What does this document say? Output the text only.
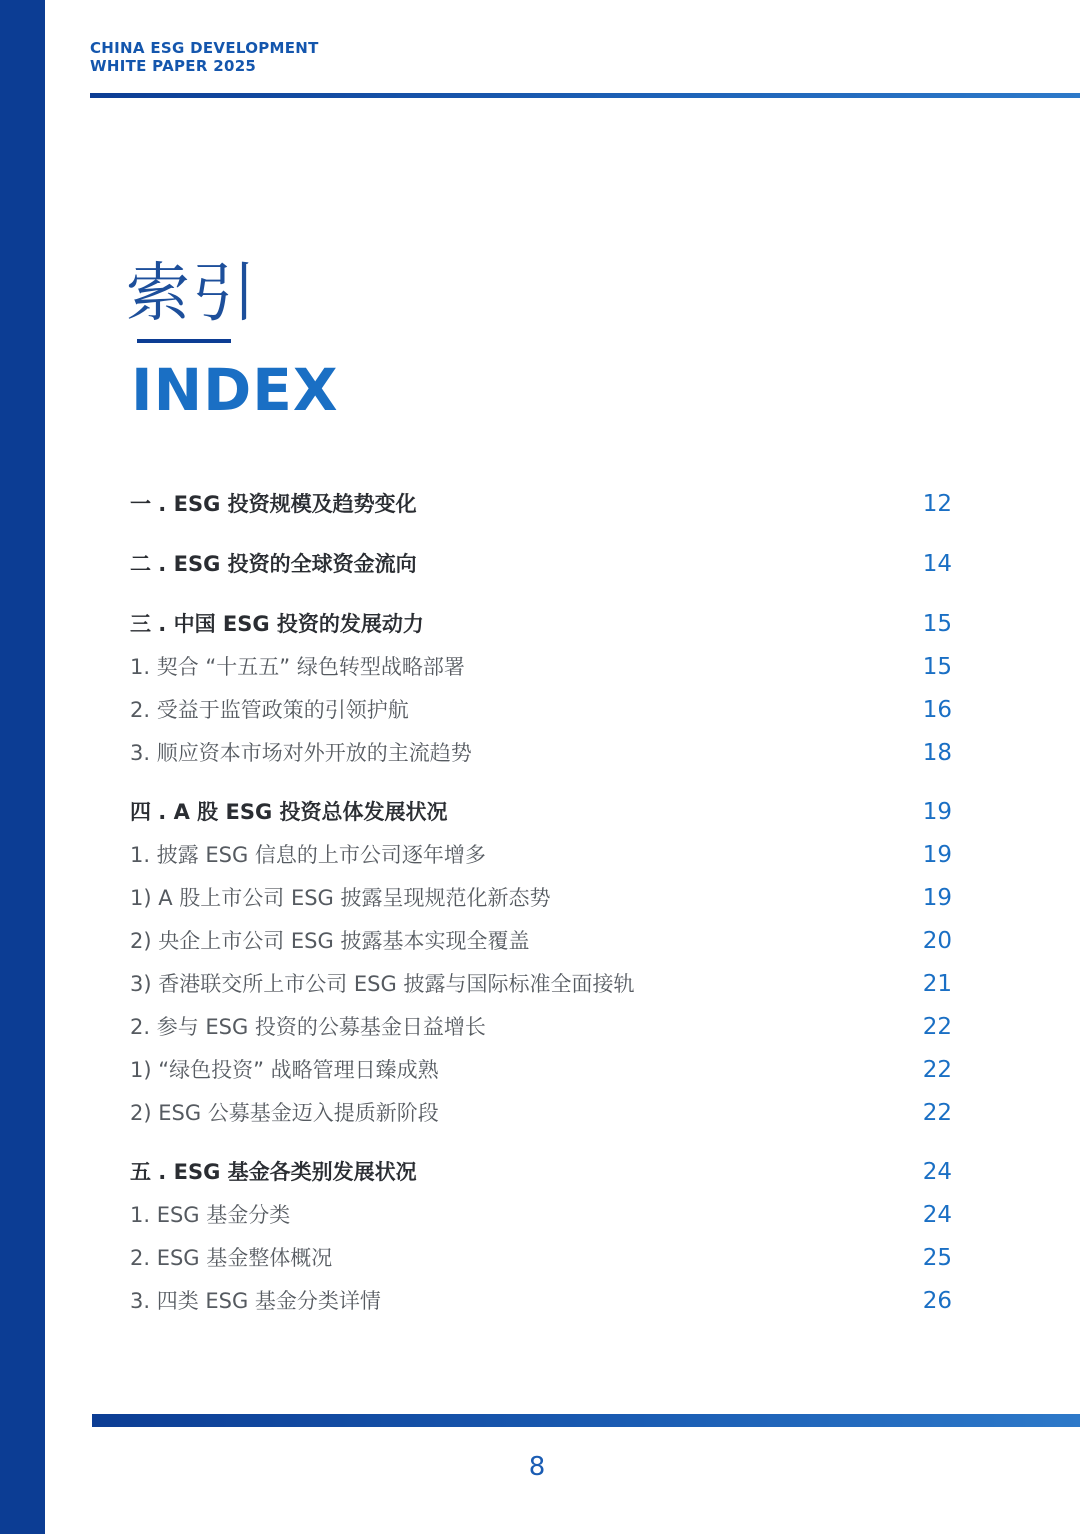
CHINA ESG DEVELOPMENT
WHITE PAPER 2025
索引
INDEX
一 . ESG 投资规模及趋势变化	12
二 . ESG 投资的全球资金流向	14
三 . 中国 ESG 投资的发展动力	15
1. 契合 “十五五” 绿色转型战略部署	15
2. 受益于监管政策的引领护航	16
3. 顺应资本市场对外开放的主流趋势	18
四 . A 股 ESG 投资总体发展状况	19
1. 披露 ESG 信息的上市公司逐年增多	19
1) A 股上市公司 ESG 披露呈现规范化新态势	19
2) 央企上市公司 ESG 披露基本实现全覆盖	20
3) 香港联交所上市公司 ESG 披露与国际标准全面接轨	21
2. 参与 ESG 投资的公募基金日益增长	22
1) “绿色投资” 战略管理日臻成熟	22
2) ESG 公募基金迈入提质新阶段	22
五 . ESG 基金各类别发展状况	24
1. ESG 基金分类	24
2. ESG 基金整体概况	25
3. 四类 ESG 基金分类详情	26
8
